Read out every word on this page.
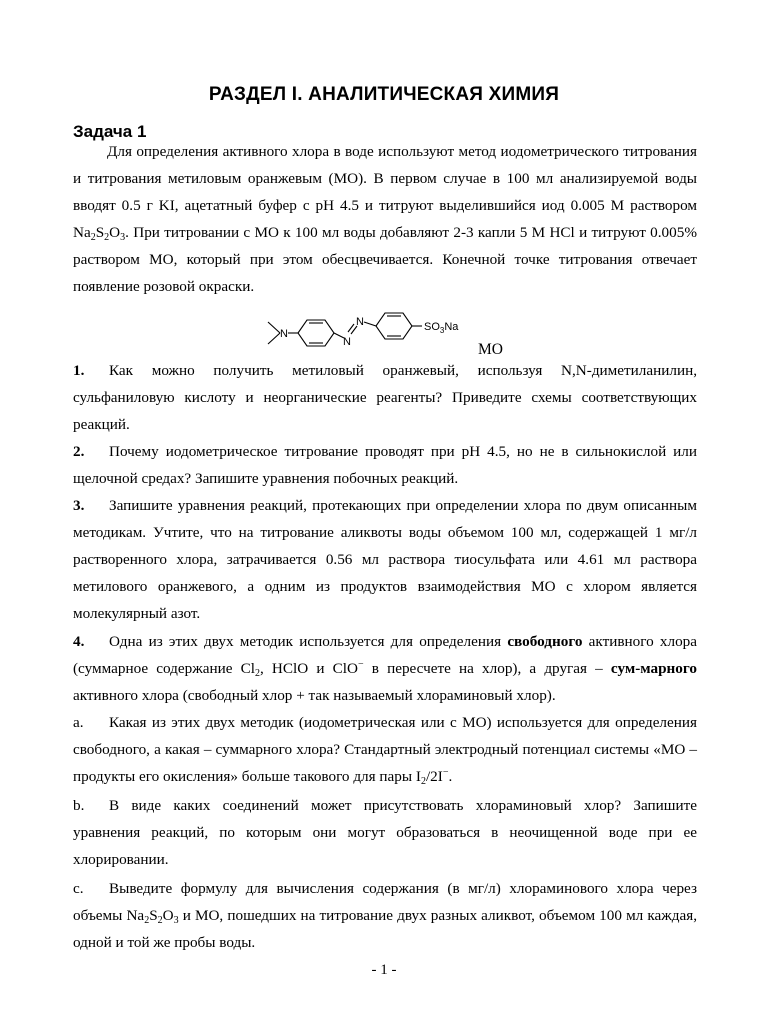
РАЗДЕЛ I. АНАЛИТИЧЕСКАЯ ХИМИЯ
Задача 1
Для определения активного хлора в воде используют метод иодометрического титрования и титрования метиловым оранжевым (МО). В первом случае в 100 мл анализируемой воды вводят 0.5 г KI, ацетатный буфер с pH 4.5 и титруют выделившийся иод 0.005 М раствором $Na_2S_2O_3$. При титровании с МО к 100 мл воды добавляют 2-3 капли 5 М HCl и титруют 0.005% раствором МО, который при этом обесцвечивается. Конечной точке титрования отвечает появление розовой окраски.
N
N
N	$SO_3Na$
МО
1. Как можно получить метиловый оранжевый, используя N,N-диметиланилин, сульфаниловую кислоту и неорганические реагенты? Приведите схемы соответствующих реакций.
2. Почему иодометрическое титрование проводят при pH 4.5, но не в сильнокислой или щелочной средах? Запишите уравнения побочных реакций.
3. Запишите уравнения реакций, протекающих при определении хлора по двум описанным методикам. Учтите, что на титрование аликвоты воды объемом 100 мл, содержащей 1 мг/л растворенного хлора, затрачивается 0.56 мл раствора тиосульфата или 4.61 мл раствора метилового оранжевого, а одним из продуктов взаимодействия МО с хлором является молекулярный азот.
4. Одна из этих двух методик используется для определения свободного активного хлора (суммарное содержание $Cl_2$, HClO и ClO− в пересчете на хлор), а другая – сум-марного активного хлора (свободный хлор + так называемый хлораминовый хлор).
a. Какая из этих двух методик (иодометрическая или с МО) используется для определения свободного, а какая – суммарного хлора? Стандартный электродный потенциал системы «МО – продукты его окисления» больше такового для пары $I_2/2I^-$.
b. В виде каких соединений может присутствовать хлораминовый хлор? Запишите уравнения реакций, по которым они могут образоваться в неочищенной воде при ее хлорировании.
c. Выведите формулу для вычисления содержания (в мг/л) хлораминового хлора через объемы $Na_2S_2O_3$ и МО, пошедших на титрование двух разных аликвот, объемом 100 мл каждая, одной и той же пробы воды.
- 1 -
